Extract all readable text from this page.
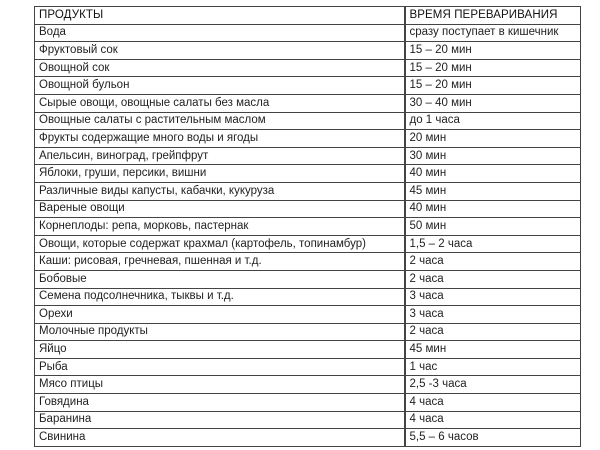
ПРОДУКТЫ	ВРЕМЯ ПЕРЕВАРИВАНИЯ
Вода	сразу поступает в кишечник
Фруктовый сок	15 – 20 мин
Овощной сок	15 – 20 мин
Овощной бульон	15 – 20 мин
Сырые овощи, овощные салаты без масла	30 – 40 мин
Овощные салаты с растительным маслом	до 1 часа
Фрукты содержащие много воды и ягоды	20 мин
Апельсин, виноград, грейпфрут	30 мин
Яблоки, груши, персики, вишни	40 мин
Различные виды капусты, кабачки, кукуруза	45 мин
Вареные овощи	40 мин
Корнеплоды: репа, морковь, пастернак	50 мин
Овощи, которые содержат крахмал (картофель, топинамбур)	1,5 – 2 часа
Каши: рисовая, гречневая, пшенная и т.д.	2 часа
Бобовые	2 часа
Семена подсолнечника, тыквы и т.д.	3 часа
Орехи	3 часа
Молочные продукты	2 часа
Яйцо	45 мин
Рыба	1 час
Мясо птицы	2,5 -3 часа
Говядина	4 часа
Баранина	4 часа
Свинина	5,5 – 6 часов
